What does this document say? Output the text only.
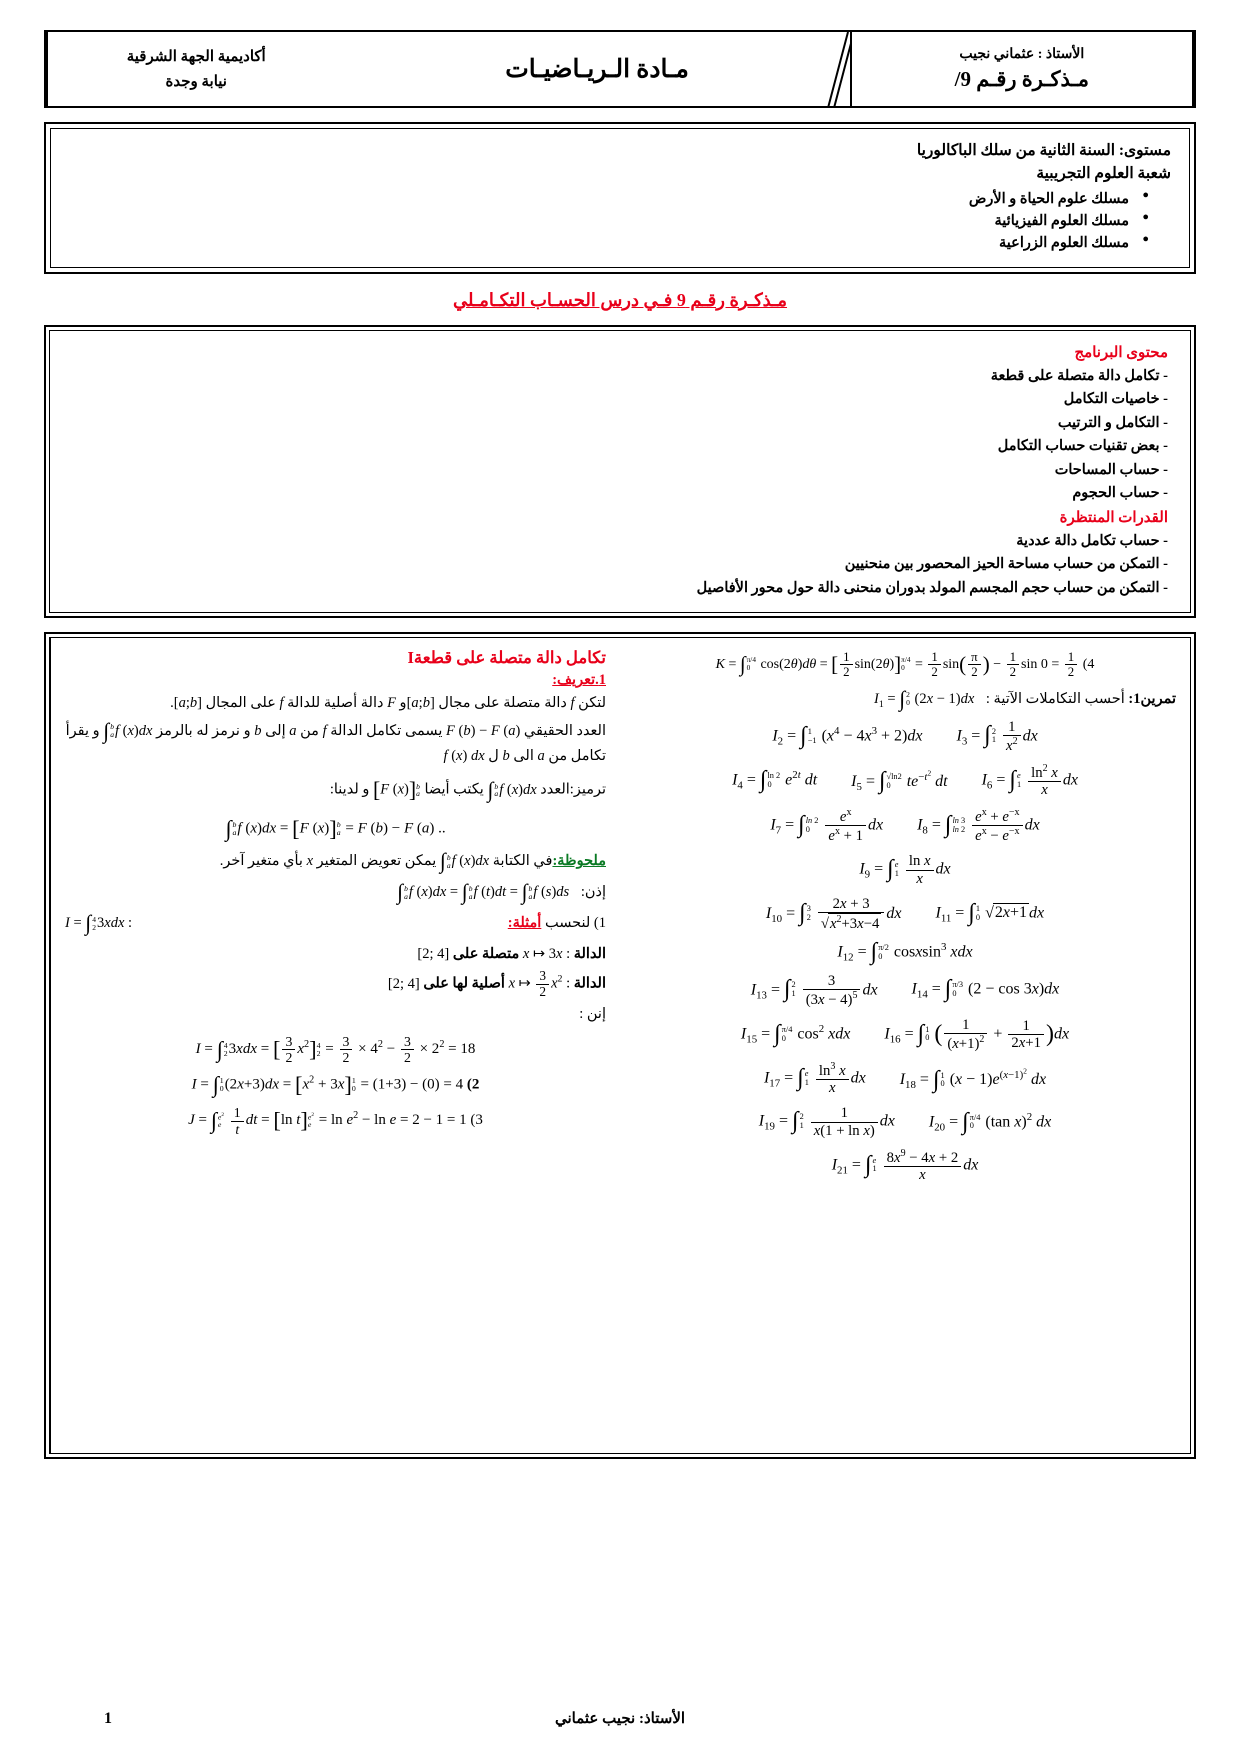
الأستاذ : عثماني نجيب
مـذكـرة رقـم 9/
مـادة الـريـاضيـات
أكاديمية الجهة الشرقية
نيابة وجدة
مستوى: السنة الثانية من سلك الباكالوريا
شعبة العلوم التجريبية
● مسلك علوم الحياة و الأرض
● مسلك العلوم الفيزيائية
● مسلك العلوم الزراعية
مـذكـرة رقـم 9 فـي درس الحسـاب التكـامـلي
محتوى البرنامج
- تكامل دالة متصلة على قطعة
- خاصيات التكامل
- التكامل و الترتيب
- بعض تقنيات حساب التكامل
- حساب المساحات
- حساب الحجوم
القدرات المنتظرة
- حساب تكامل دالة عددية
- التمكن من حساب مساحة الحيز المحصور بين منحنيين
- التمكن من حساب حجم المجسم المولد بدوران منحنى دالة حول محور الأفاصيل
K = ∫ π/4
0 cos(2θ)dθ = [ $\frac{1}{2} \sin(2\theta)$] π/4
$0 = \frac{1}{2} \sin( \frac{\pi}{2}$ ) − $\frac{1}{2}$ $\sin 0 = \frac{1}{2} (4$
تمرين1: أحسب التكاملات الآتية : $I_1$ = ∫ 2
0 (2x − 1)dx
$I_3$ = ∫ 2
1
$\frac{1}{x^2}$ dx
$I_2$ = ∫ 1
−1 $(x^4 - 4x^3 + 2)dx$
$I_6$ = ∫ e
1
$\frac{\ln^2 x}{x}$ dx
$I_5$ = ∫ √ln2
0	$te^{-t^2}$ dt
$I_4$ = ∫ ln 2
0 $e^{2t}$ dt
$I_8$ = ∫ ln 3
ln 2
$\frac{e^x + e^{-x}}{e^x - e^{-x}}$ dx
$I_7$ = ∫ ln 2
0
	$\frac{e^x}{e^x + 1}$ dx
$I_9$ = ∫ e
1
$\frac{\text{ln x}}{x}$ dx
$I_{11}$ = ∫ 1
0 √2x+1 dx
$I_{10}$ = ∫ 3
2
$\frac{2x + 3}{√x^2+3x-4}$ dx
$I_{12}$ = ∫ π/2
0 cosxsin$^3$ xdx
$I_{14}$ = ∫ π/3
0 (2 − cos 3x)dx
$I_{13}$ = ∫ 2
1
$\frac{3}{(3x - 4)^5}$ dx
$I_{16}$ = ∫ 1
0 ( $\frac{1}{(x+1)^2} + \frac{1}{2x+1} )dx$
$I_{15}$ = ∫ π/4
0 $\cos^2$ xdx
$I_{18}$ = ∫ 1
0 $(x - 1)e^{(x-1)^2}$ dx
$I_{17}$ = ∫ e
1
$\frac{\ln^3 x}{x}$ dx
$I_{20}$ = ∫ π/4
0 (tan x)$^2$ dx
$I_{19}$ = ∫ 2
1
$\frac{1}{\text{x(1 + ln x)}}$ dx
$I_{21}$ = ∫ e
1
$\frac{8x^9 - 4x + 2}{x}$ dx
تكامل دالة متصلة على قطعةI
1.تعريف:
لتكن f دالة متصلة على مجال [a;b]و F دالة أصلية للدالة f على المجال [a;b].
العدد الحقيقي F (b) − F (a) يسمى تكامل الدالة f من a إلى b و نرمز له بالرمز ∫ b
a f (x)dx و يقرأ تكامل من a الى b ل f (x) dx
ترميز:العدد ∫ b
a f (x)dx يكتب أيضا [F (x)] b
a
و لدينا:
∫ b
a f (x)dx = [F (x)] b
a = F (b) − F (a) ..
ملحوظة:في الكتابة ∫ b
a f (x)dx يمكن تعويض المتغير x بأي متغير آخر.
إذن: ∫ b
a f (x)dx = ∫ b
a f (t)dt = ∫ b
a f (s)ds
I = ∫ 4
2 3xdx :	1) لنحسب أمثلة:
الدالة : x ↦ 3x متصلة على [2; 4]
الدالة : x ↦ $\frac{3}{2} x^2$ أصلية لها على [2; 4]
إنن :
I = ∫ 4
2 3xdx = [ $\frac{3}{2} x^2$] 4
$2 = \frac{3}{2} \times 4^2 - \frac{3}{2} \times 2^2 = 18$
I = ∫ 1
0 $(2x+3)dx = [x^2 + 3x]$ 1
0 = (1+3) − (0) = 4 (2
J = ∫ $e^2$
e
$\frac{1}{t}$ dt = [ln t] $e^2$
$e = \ln e^2 - \ln e = 2 - 1 = 1$ (3
1	الأستاذ: نجيب عثماني
